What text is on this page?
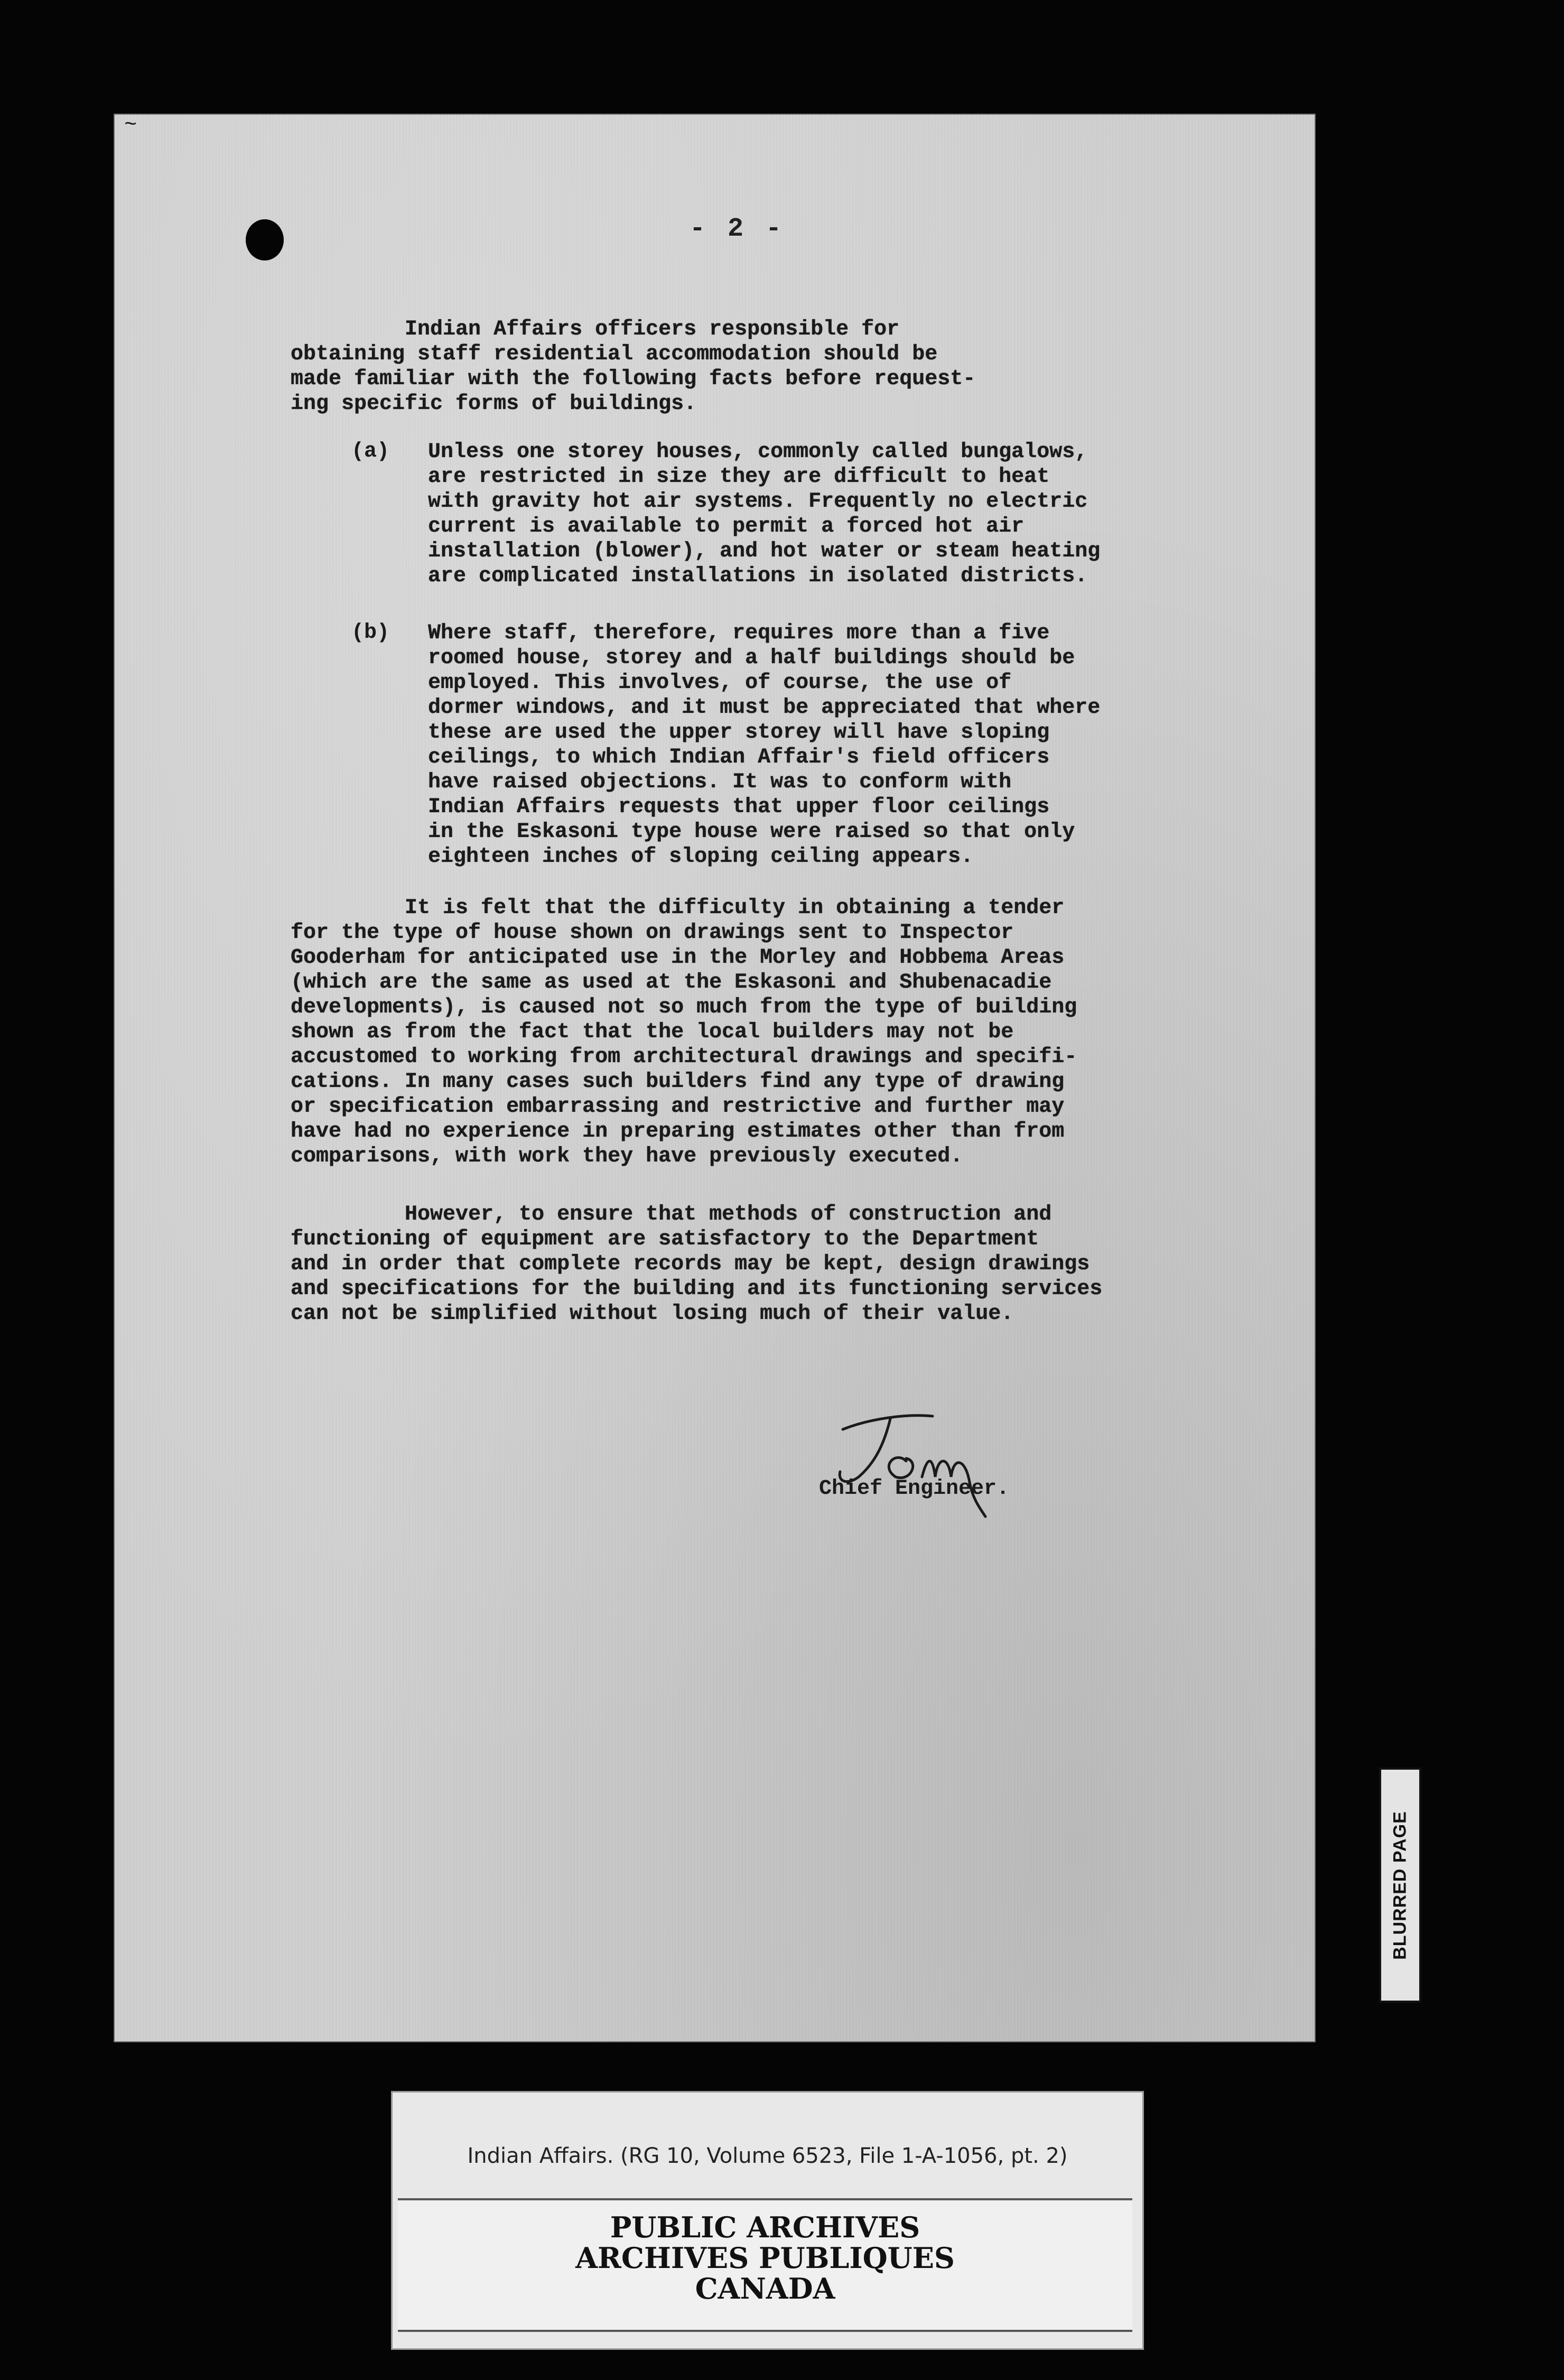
~
- 2 -
Indian Affairs officers responsible for
obtaining staff residential accommodation should be
made familiar with the following facts before request-
ing specific forms of buildings.
(a) Unless one storey houses, commonly called bungalows,
are restricted in size they are difficult to heat
with gravity hot air systems. Frequently no electric
current is available to permit a forced hot air
installation (blower), and hot water or steam heating
are complicated installations in isolated districts.
(b) Where staff, therefore, requires more than a five
roomed house, storey and a half buildings should be
employed. This involves, of course, the use of
dormer windows, and it must be appreciated that where
these are used the upper storey will have sloping
ceilings, to which Indian Affair's field officers
have raised objections. It was to conform with
Indian Affairs requests that upper floor ceilings
in the Eskasoni type house were raised so that only
eighteen inches of sloping ceiling appears.
It is felt that the difficulty in obtaining a tender
for the type of house shown on drawings sent to Inspector
Gooderham for anticipated use in the Morley and Hobbema Areas
(which are the same as used at the Eskasoni and Shubenacadie
developments), is caused not so much from the type of building
shown as from the fact that the local builders may not be
accustomed to working from architectural drawings and specifi-
cations. In many cases such builders find any type of drawing
or specification embarrassing and restrictive and further may
have had no experience in preparing estimates other than from
comparisons, with work they have previously executed.
However, to ensure that methods of construction and
functioning of equipment are satisfactory to the Department
and in order that complete records may be kept, design drawings
and specifications for the building and its functioning services
can not be simplified without losing much of their value.
Chief Engineer.
BLURRED PAGE
Indian Affairs. (RG 10, Volume 6523, File 1-A-1056, pt. 2)
PUBLIC ARCHIVES
ARCHIVES PUBLIQUES
CANADA
